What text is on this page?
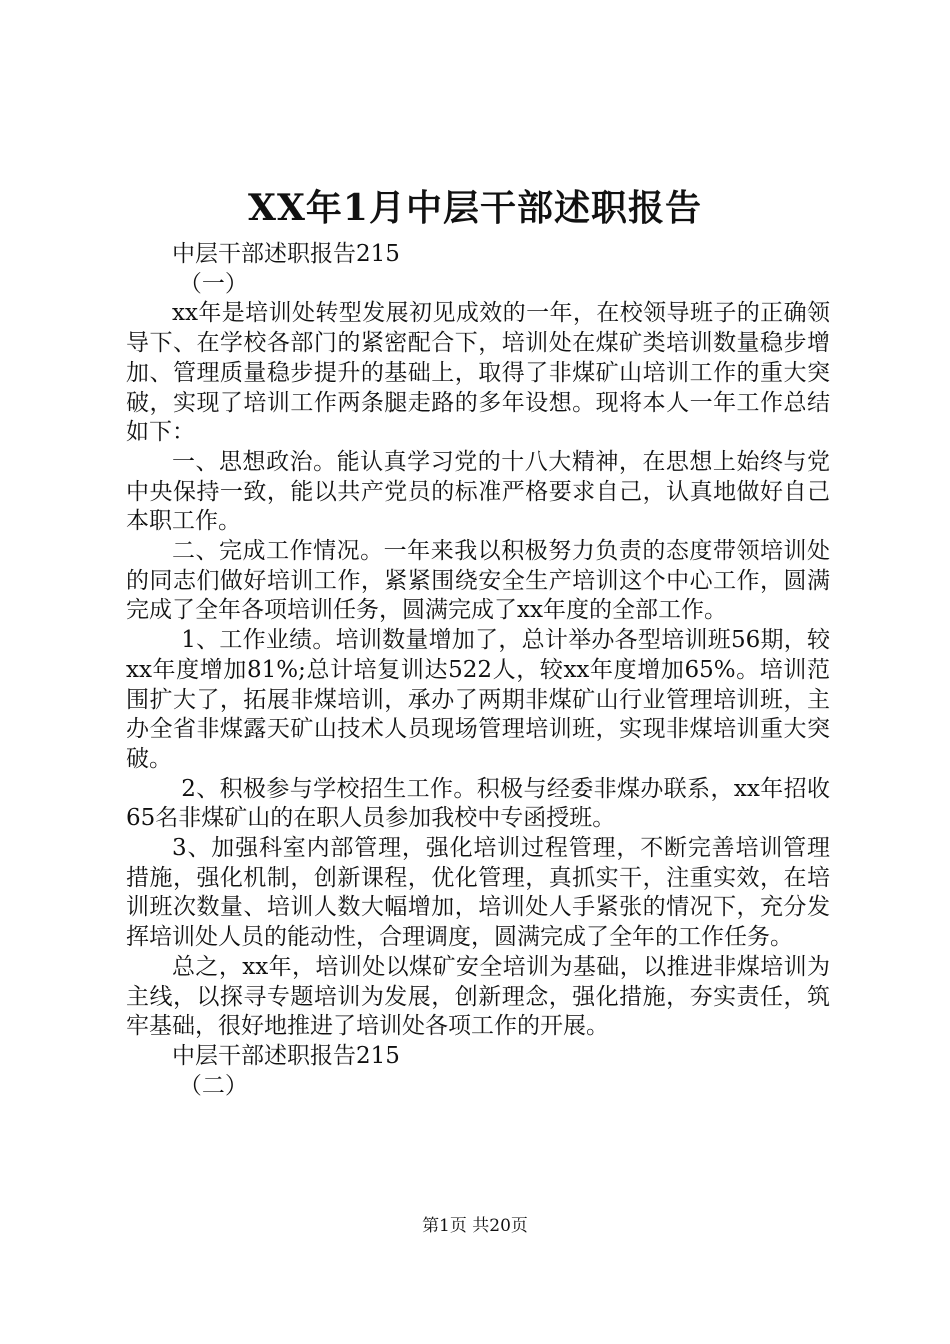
XX年1月中层干部述职报告

中层干部述职报告215

（一）

xx年是培训处转型发展初见成效的一年，在校领导班子的正确领导下、在学校各部门的紧密配合下，培训处在煤矿类培训数量稳步增加、管理质量稳步提升的基础上，取得了非煤矿山培训工作的重大突破，实现了培训工作两条腿走路的多年设想。现将本人一年工作总结如下：

一、思想政治。能认真学习党的十八大精神，在思想上始终与党中央保持一致，能以共产党员的标准严格要求自己，认真地做好自己本职工作。

二、完成工作情况。一年来我以积极努力负责的态度带领培训处的同志们做好培训工作，紧紧围绕安全生产培训这个中心工作，圆满完成了全年各项培训任务，圆满完成了xx年度的全部工作。

1、工作业绩。培训数量增加了，总计举办各型培训班56期，较xx年度增加81%;总计培复训达522人，较xx年度增加65%。培训范围扩大了，拓展非煤培训，承办了两期非煤矿山行业管理培训班，主办全省非煤露天矿山技术人员现场管理培训班，实现非煤培训重大突破。

2、积极参与学校招生工作。积极与经委非煤办联系，xx年招收65名非煤矿山的在职人员参加我校中专函授班。

3、加强科室内部管理，强化培训过程管理，不断完善培训管理措施，强化机制，创新课程，优化管理，真抓实干，注重实效，在培训班次数量、培训人数大幅增加，培训处人手紧张的情况下，充分发挥培训处人员的能动性，合理调度，圆满完成了全年的工作任务。

总之，xx年，培训处以煤矿安全培训为基础，以推进非煤培训为主线，以探寻专题培训为发展，创新理念，强化措施，夯实责任，筑牢基础，很好地推进了培训处各项工作的开展。

中层干部述职报告215

（二）

第1页 共20页
